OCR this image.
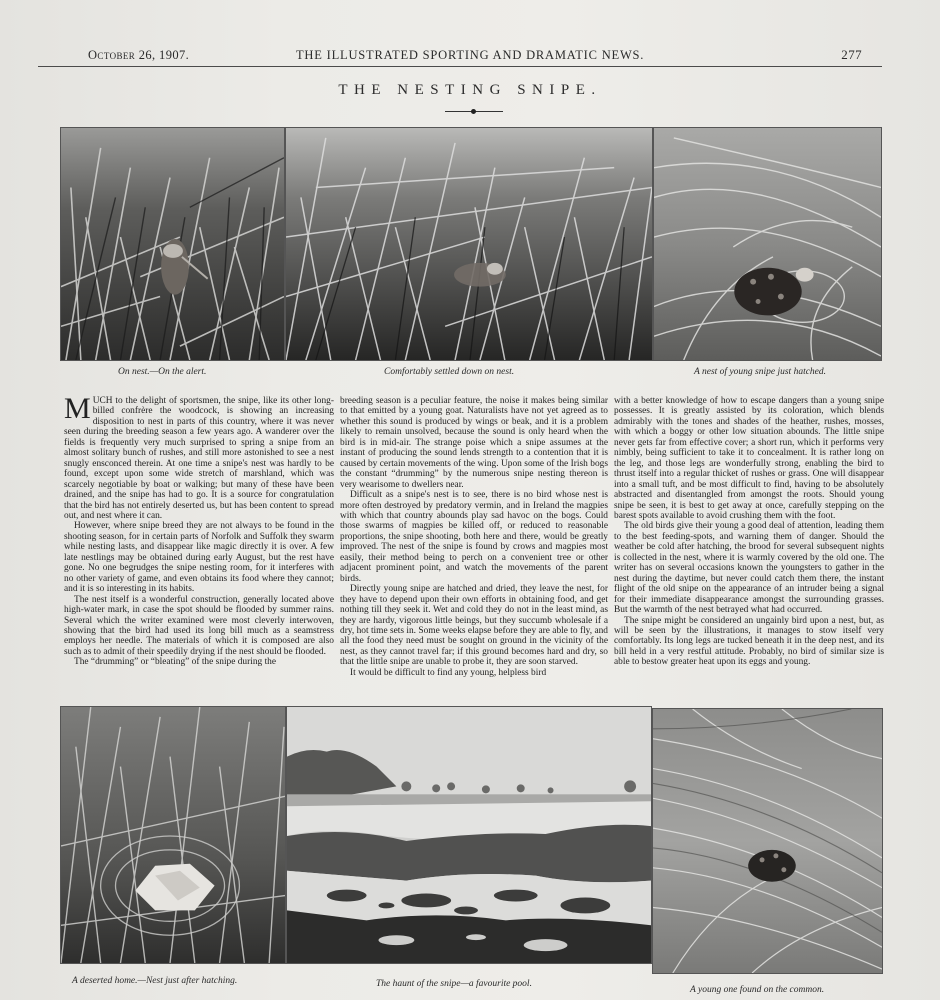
October 26, 1907.	THE ILLUSTRATED SPORTING AND DRAMATIC NEWS.	277
THE NESTING SNIPE.
On nest.—On the alert.	Comfortably settled down on nest.	A nest of young snipe just hatched.

MUCH to the delight of sportsmen, the snipe, like its other long-billed confrère the woodcock, is showing an increasing disposition to nest in parts of this country, where it was never seen during the breeding season a few years ago. A wanderer over the fields is frequently very much surprised to spring a snipe from an almost solitary bunch of rushes, and still more astonished to see a nest snugly ensconced therein. At one time a snipe's nest was hardly to be found, except upon some wide stretch of marshland, which was scarcely negotiable by boat or walking; but many of these have been drained, and the snipe has had to go. It is a source for congratulation that the bird has not entirely deserted us, but has been content to spread out, and nest where it can.

However, where snipe breed they are not always to be found in the shooting season, for in certain parts of Norfolk and Suffolk they swarm while nesting lasts, and disappear like magic directly it is over. A few late nestlings may be obtained during early August, but the rest have gone. No one begrudges the snipe nesting room, for it interferes with no other variety of game, and even obtains its food where they cannot; and it is so interesting in its habits.

The nest itself is a wonderful construction, generally located above high-water mark, in case the spot should be flooded by summer rains. Several which the writer examined were most cleverly interwoven, showing that the bird had used its long bill much as a seamstress employs her needle. The materials of which it is composed are also such as to admit of their speedily drying if the nest should be flooded.

The “drumming” or “bleating” of the snipe during the

breeding season is a peculiar feature, the noise it makes being similar to that emitted by a young goat. Naturalists have not yet agreed as to whether this sound is produced by wings or beak, and it is a problem likely to remain unsolved, because the sound is only heard when the bird is in mid-air. The strange poise which a snipe assumes at the instant of producing the sound lends strength to a contention that it is caused by certain movements of the wing. Upon some of the Irish bogs the constant “drumming” by the numerous snipe nesting thereon is very wearisome to dwellers near.

Difficult as a snipe's nest is to see, there is no bird whose nest is more often destroyed by predatory vermin, and in Ireland the magpies with which that country abounds play sad havoc on the bogs. Could those swarms of magpies be killed off, or reduced to reasonable proportions, the snipe shooting, both here and there, would be greatly improved. The nest of the snipe is found by crows and magpies most easily, their method being to perch on a convenient tree or other adjacent prominent point, and watch the movements of the parent birds.

Directly young snipe are hatched and dried, they leave the nest, for they have to depend upon their own efforts in obtaining food, and get nothing till they seek it. Wet and cold they do not in the least mind, as they are hardy, vigorous little beings, but they succumb wholesale if a dry, hot time sets in. Some weeks elapse before they are able to fly, and all the food they need must be sought on ground in the vicinity of the nest, as they cannot travel far; if this ground becomes hard and dry, so that the little snipe are unable to probe it, they are soon starved.

It would be difficult to find any young, helpless bird

with a better knowledge of how to escape dangers than a young snipe possesses. It is greatly assisted by its coloration, which blends admirably with the tones and shades of the heather, rushes, mosses, with which a boggy or other low situation abounds. The little snipe never gets far from effective cover; a short run, which it performs very nimbly, being sufficient to take it to concealment. It is rather long on the leg, and those legs are wonderfully strong, enabling the bird to thrust itself into a regular thicket of rushes or grass. One will disappear into a small tuft, and be most difficult to find, having to be absolutely abstracted and disentangled from amongst the roots. Should young snipe be seen, it is best to get away at once, carefully stepping on the barest spots available to avoid crushing them with the foot.

The old birds give their young a good deal of attention, leading them to the best feeding-spots, and warning them of danger. Should the weather be cold after hatching, the brood for several subsequent nights is collected in the nest, where it is warmly covered by the old one. The writer has on several occasions known the youngsters to gather in the nest during the daytime, but never could catch them there, the instant flight of the old snipe on the appearance of an intruder being a signal for their immediate disappearance amongst the surrounding grasses. But the warmth of the nest betrayed what had occurred.

The snipe might be considered an ungainly bird upon a nest, but, as will be seen by the illustrations, it manages to stow itself very comfortably. Its long legs are tucked beneath it in the deep nest, and its bill held in a very restful attitude. Probably, no bird of similar size is able to bestow greater heat upon its eggs and young.

A deserted home.—Nest just after hatching.	The haunt of the snipe—a favourite pool.
A young one found on the common.
